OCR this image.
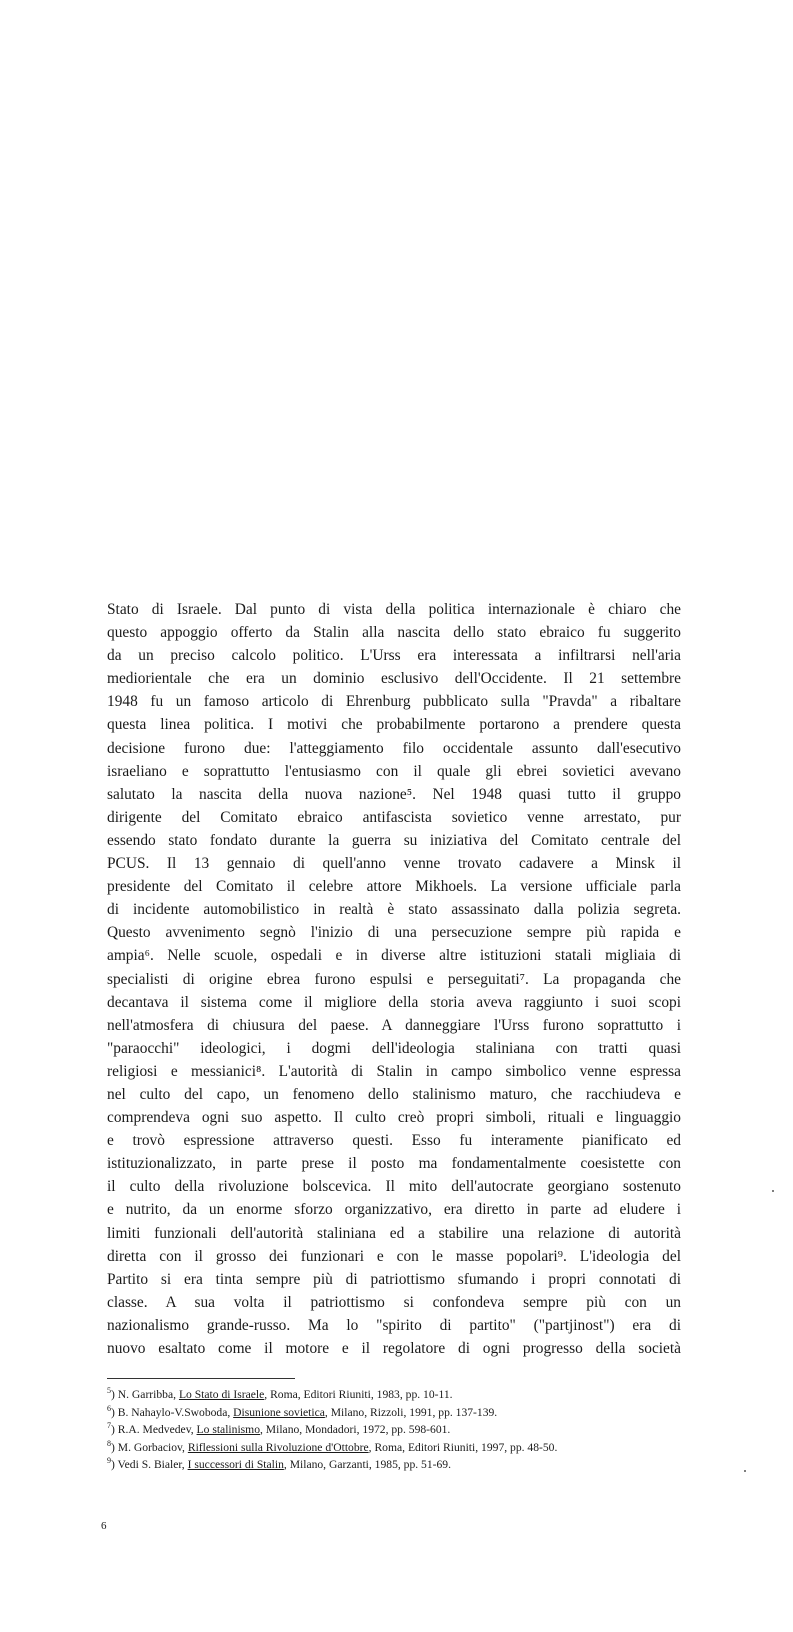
Stato di Israele. Dal punto di vista della politica internazionale è chiaro che
questo appoggio offerto da Stalin alla nascita dello stato ebraico fu suggerito
da un preciso calcolo politico. L'Urss era interessata a infiltrarsi nell'aria
mediorientale che era un dominio esclusivo dell'Occidente. Il 21 settembre
1948 fu un famoso articolo di Ehrenburg pubblicato sulla "Pravda" a ribaltare
questa linea politica. I motivi che probabilmente portarono a prendere questa
decisione furono due: l'atteggiamento filo occidentale assunto dall'esecutivo
israeliano e soprattutto l'entusiasmo con il quale gli ebrei sovietici avevano
salutato la nascita della nuova nazione⁵. Nel 1948 quasi tutto il gruppo
dirigente del Comitato ebraico antifascista sovietico venne arrestato, pur
essendo stato fondato durante la guerra su iniziativa del Comitato centrale del
PCUS. Il 13 gennaio di quell'anno venne trovato cadavere a Minsk il
presidente del Comitato il celebre attore Mikhoels. La versione ufficiale parla
di incidente automobilistico in realtà è stato assassinato dalla polizia segreta.
Questo avvenimento segnò l'inizio di una persecuzione sempre più rapida e
ampia⁶. Nelle scuole, ospedali e in diverse altre istituzioni statali migliaia di
specialisti di origine ebrea furono espulsi e perseguitati⁷. La propaganda che
decantava il sistema come il migliore della storia aveva raggiunto i suoi scopi
nell'atmosfera di chiusura del paese. A danneggiare l'Urss furono soprattutto i
"paraocchi" ideologici, i dogmi dell'ideologia staliniana con tratti quasi
religiosi e messianici⁸. L'autorità di Stalin in campo simbolico venne espressa
nel culto del capo, un fenomeno dello stalinismo maturo, che racchiudeva e
comprendeva ogni suo aspetto. Il culto creò propri simboli, rituali e linguaggio
e trovò espressione attraverso questi. Esso fu interamente pianificato ed
istituzionalizzato, in parte prese il posto ma fondamentalmente coesistette con
il culto della rivoluzione bolscevica. Il mito dell'autocrate georgiano sostenuto
e nutrito, da un enorme sforzo organizzativo, era diretto in parte ad eludere i
limiti funzionali dell'autorità staliniana ed a stabilire una relazione di autorità
diretta con il grosso dei funzionari e con le masse popolari⁹. L'ideologia del
Partito si era tinta sempre più di patriottismo sfumando i propri connotati di
classe. A sua volta il patriottismo si confondeva sempre più con un
nazionalismo grande-russo. Ma lo "spirito di partito" ("partjinost") era di
nuovo esaltato come il motore e il regolatore di ogni progresso della società
$^5$) N. Garribba, Lo Stato di Israele, Roma, Editori Riuniti, 1983, pp. 10-11.
$^6$) B. Nahaylo-V.Swoboda, Disunione sovietica, Milano, Rizzoli, 1991, pp. 137-139.
$^7$) R.A. Medvedev, Lo stalinismo, Milano, Mondadori, 1972, pp. 598-601.
$^8$) M. Gorbaciov, Riflessioni sulla Rivoluzione d'Ottobre, Roma, Editori Riuniti, 1997, pp. 48-50.
$^9$) Vedi S. Bialer, I successori di Stalin, Milano, Garzanti, 1985, pp. 51-69.
6
